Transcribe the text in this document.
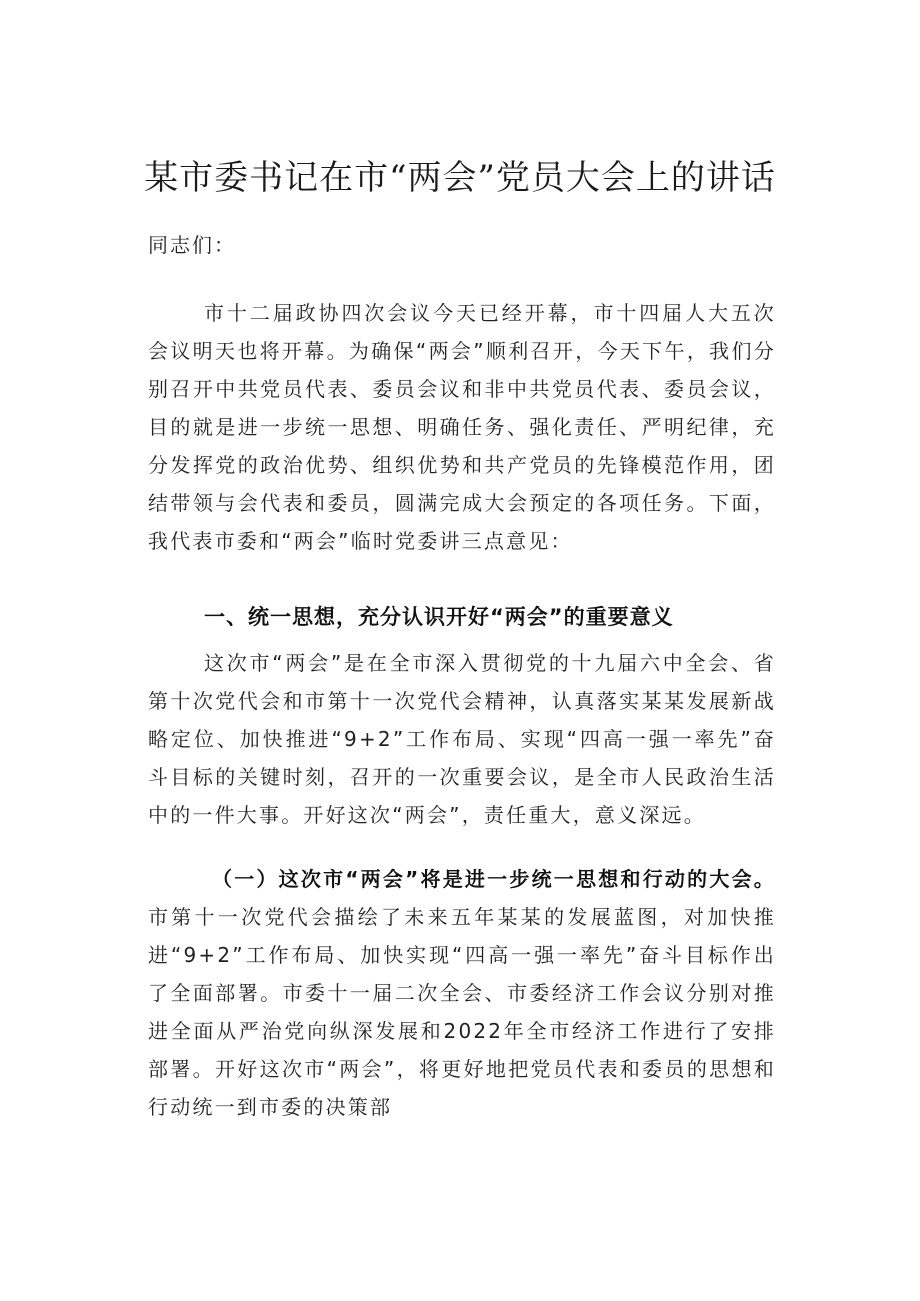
某市委书记在市“两会”党员大会上的讲话
同志们：
市十二届政协四次会议今天已经开幕，市十四届人大五次会议明天也将开幕。为确保“两会”顺利召开，今天下午，我们分别召开中共党员代表、委员会议和非中共党员代表、委员会议，目的就是进一步统一思想、明确任务、强化责任、严明纪律，充分发挥党的政治优势、组织优势和共产党员的先锋模范作用，团结带领与会代表和委员，圆满完成大会预定的各项任务。下面，我代表市委和“两会”临时党委讲三点意见：
一、统一思想，充分认识开好“两会”的重要意义
这次市“两会”是在全市深入贯彻党的十九届六中全会、省第十次党代会和市第十一次党代会精神，认真落实某某发展新战略定位、加快推进“9+2”工作布局、实现“四高一强一率先”奋斗目标的关键时刻，召开的一次重要会议，是全市人民政治生活中的一件大事。开好这次“两会”，责任重大，意义深远。
（一）这次市“两会”将是进一步统一思想和行动的大会。市第十一次党代会描绘了未来五年某某的发展蓝图，对加快推进“9+2”工作布局、加快实现“四高一强一率先”奋斗目标作出了全面部署。市委十一届二次全会、市委经济工作会议分别对推进全面从严治党向纵深发展和2022年全市经济工作进行了安排部署。开好这次市“两会”，将更好地把党员代表和委员的思想和行动统一到市委的决策部
